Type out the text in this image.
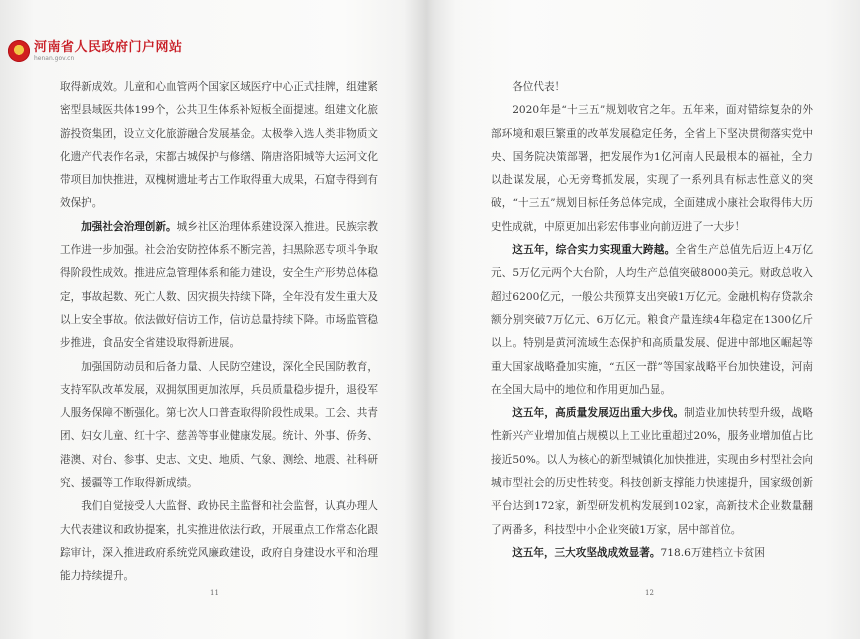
河南省人民政府门户网站
henan.gov.cn

取得新成效。儿童和心血管两个国家区域医疗中心正式挂牌，组建紧密型县域医共体199个，公共卫生体系补短板全面提速。组建文化旅游投资集团，设立文化旅游融合发展基金。太极拳入选人类非物质文化遗产代表作名录，宋都古城保护与修缮、隋唐洛阳城等大运河文化带项目加快推进，双槐树遗址考古工作取得重大成果，石窟寺得到有效保护。

加强社会治理创新。城乡社区治理体系建设深入推进。民族宗教工作进一步加强。社会治安防控体系不断完善，扫黑除恶专项斗争取得阶段性成效。推进应急管理体系和能力建设，安全生产形势总体稳定，事故起数、死亡人数、因灾损失持续下降，全年没有发生重大及以上安全事故。依法做好信访工作，信访总量持续下降。市场监管稳步推进，食品安全省建设取得新进展。

加强国防动员和后备力量、人民防空建设，深化全民国防教育，支持军队改革发展，双拥氛围更加浓厚，兵员质量稳步提升，退役军人服务保障不断强化。第七次人口普查取得阶段性成果。工会、共青团、妇女儿童、红十字、慈善等事业健康发展。统计、外事、侨务、港澳、对台、参事、史志、文史、地质、气象、测绘、地震、社科研究、援疆等工作取得新成绩。

我们自觉接受人大监督、政协民主监督和社会监督，认真办理人大代表建议和政协提案，扎实推进依法行政，开展重点工作常态化跟踪审计，深入推进政府系统党风廉政建设，政府自身建设水平和治理能力持续提升。

11

各位代表！

2020年是“十三五”规划收官之年。五年来，面对错综复杂的外部环境和艰巨繁重的改革发展稳定任务，全省上下坚决贯彻落实党中央、国务院决策部署，把发展作为1亿河南人民最根本的福祉，全力以赴谋发展，心无旁骛抓发展，实现了一系列具有标志性意义的突破，“十三五”规划目标任务总体完成，全面建成小康社会取得伟大历史性成就，中原更加出彩宏伟事业向前迈进了一大步！

这五年，综合实力实现重大跨越。全省生产总值先后迈上4万亿元、5万亿元两个大台阶，人均生产总值突破8000美元。财政总收入超过6200亿元，一般公共预算支出突破1万亿元。金融机构存贷款余额分别突破7万亿元、6万亿元。粮食产量连续4年稳定在1300亿斤以上。特别是黄河流域生态保护和高质量发展、促进中部地区崛起等重大国家战略叠加实施，“五区一群”等国家战略平台加快建设，河南在全国大局中的地位和作用更加凸显。

这五年，高质量发展迈出重大步伐。制造业加快转型升级，战略性新兴产业增加值占规模以上工业比重超过20%，服务业增加值占比接近50%。以人为核心的新型城镇化加快推进，实现由乡村型社会向城市型社会的历史性转变。科技创新支撑能力快速提升，国家级创新平台达到172家，新型研发机构发展到102家，高新技术企业数量翻了两番多，科技型中小企业突破1万家，居中部首位。

这五年，三大攻坚战成效显著。718.6万建档立卡贫困

12
